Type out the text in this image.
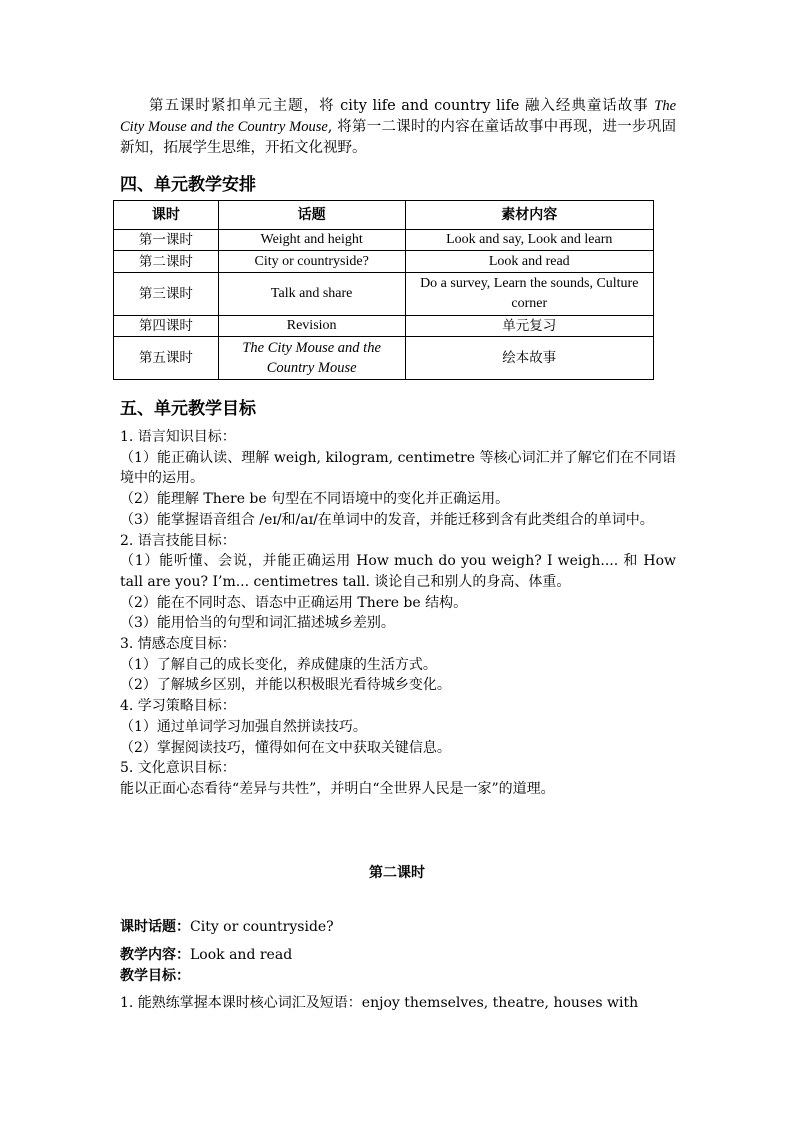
第五课时紧扣单元主题，将 city life and country life 融入经典童话故事 The City Mouse and the Country Mouse, 将第一二课时的内容在童话故事中再现，进一步巩固新知，拓展学生思维，开拓文化视野。
四、单元教学安排
课时	话题	素材内容
第一课时	Weight and height	Look and say, Look and learn
第二课时	City or countryside?	Look and read
第三课时	Talk and share	Do a survey, Learn the sounds, Culture corner
第四课时	Revision	单元复习
第五课时	The City Mouse and the Country Mouse	绘本故事
五、单元教学目标
1. 语言知识目标：
（1）能正确认读、理解 weigh, kilogram, centimetre 等核心词汇并了解它们在不同语境中的运用。
（2）能理解 There be 句型在不同语境中的变化并正确运用。
（3）能掌握语音组合 /eɪ/和/aɪ/在单词中的发音，并能迁移到含有此类组合的单词中。
2. 语言技能目标：
（1）能听懂、会说，并能正确运用 How much do you weigh? I weigh.... 和 How tall are you? I’m... centimetres tall. 谈论自己和别人的身高、体重。
（2）能在不同时态、语态中正确运用 There be 结构。
（3）能用恰当的句型和词汇描述城乡差别。
3. 情感态度目标：
（1）了解自己的成长变化，养成健康的生活方式。
（2）了解城乡区别，并能以积极眼光看待城乡变化。
4. 学习策略目标：
（1）通过单词学习加强自然拼读技巧。
（2）掌握阅读技巧，懂得如何在文中获取关键信息。
5. 文化意识目标：
能以正面心态看待“差异与共性”，并明白“全世界人民是一家”的道理。
第二课时
课时话题：City or countryside?
教学内容：Look and read
教学目标：
1. 能熟练掌握本课时核心词汇及短语：enjoy themselves, theatre, houses with
